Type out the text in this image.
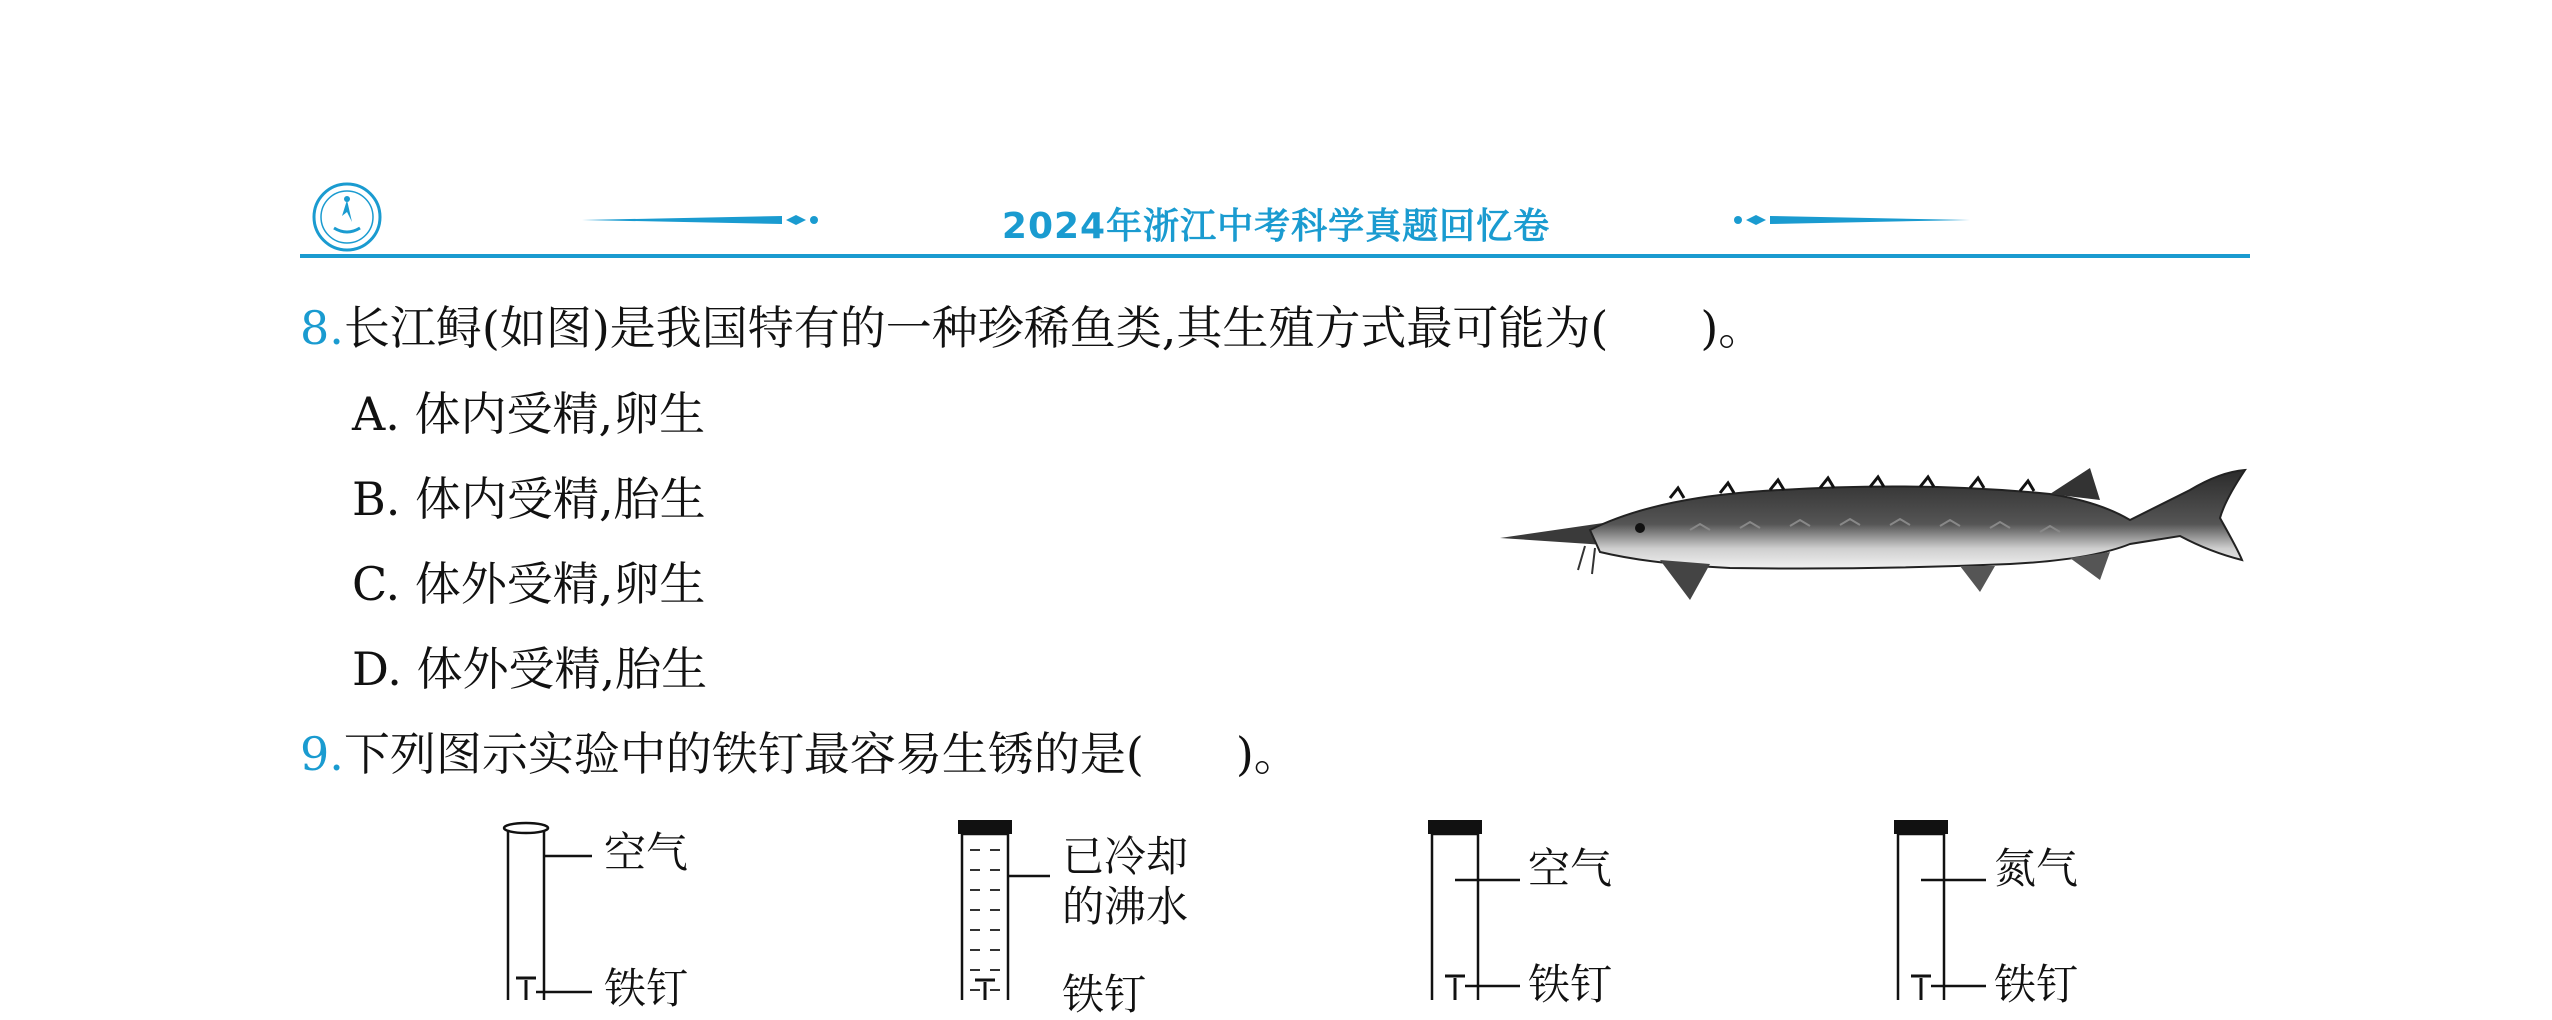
2024年浙江中考科学真题回忆卷
8.长江鲟(如图)是我国特有的一种珍稀鱼类,其生殖方式最可能为(　　)。
A. 体内受精,卵生
B. 体内受精,胎生
C. 体外受精,卵生
D. 体外受精,胎生
9.下列图示实验中的铁钉最容易生锈的是(　　)。
空气
铁钉
已冷却
的沸水
铁钉
空气
铁钉
氮气
铁钉
